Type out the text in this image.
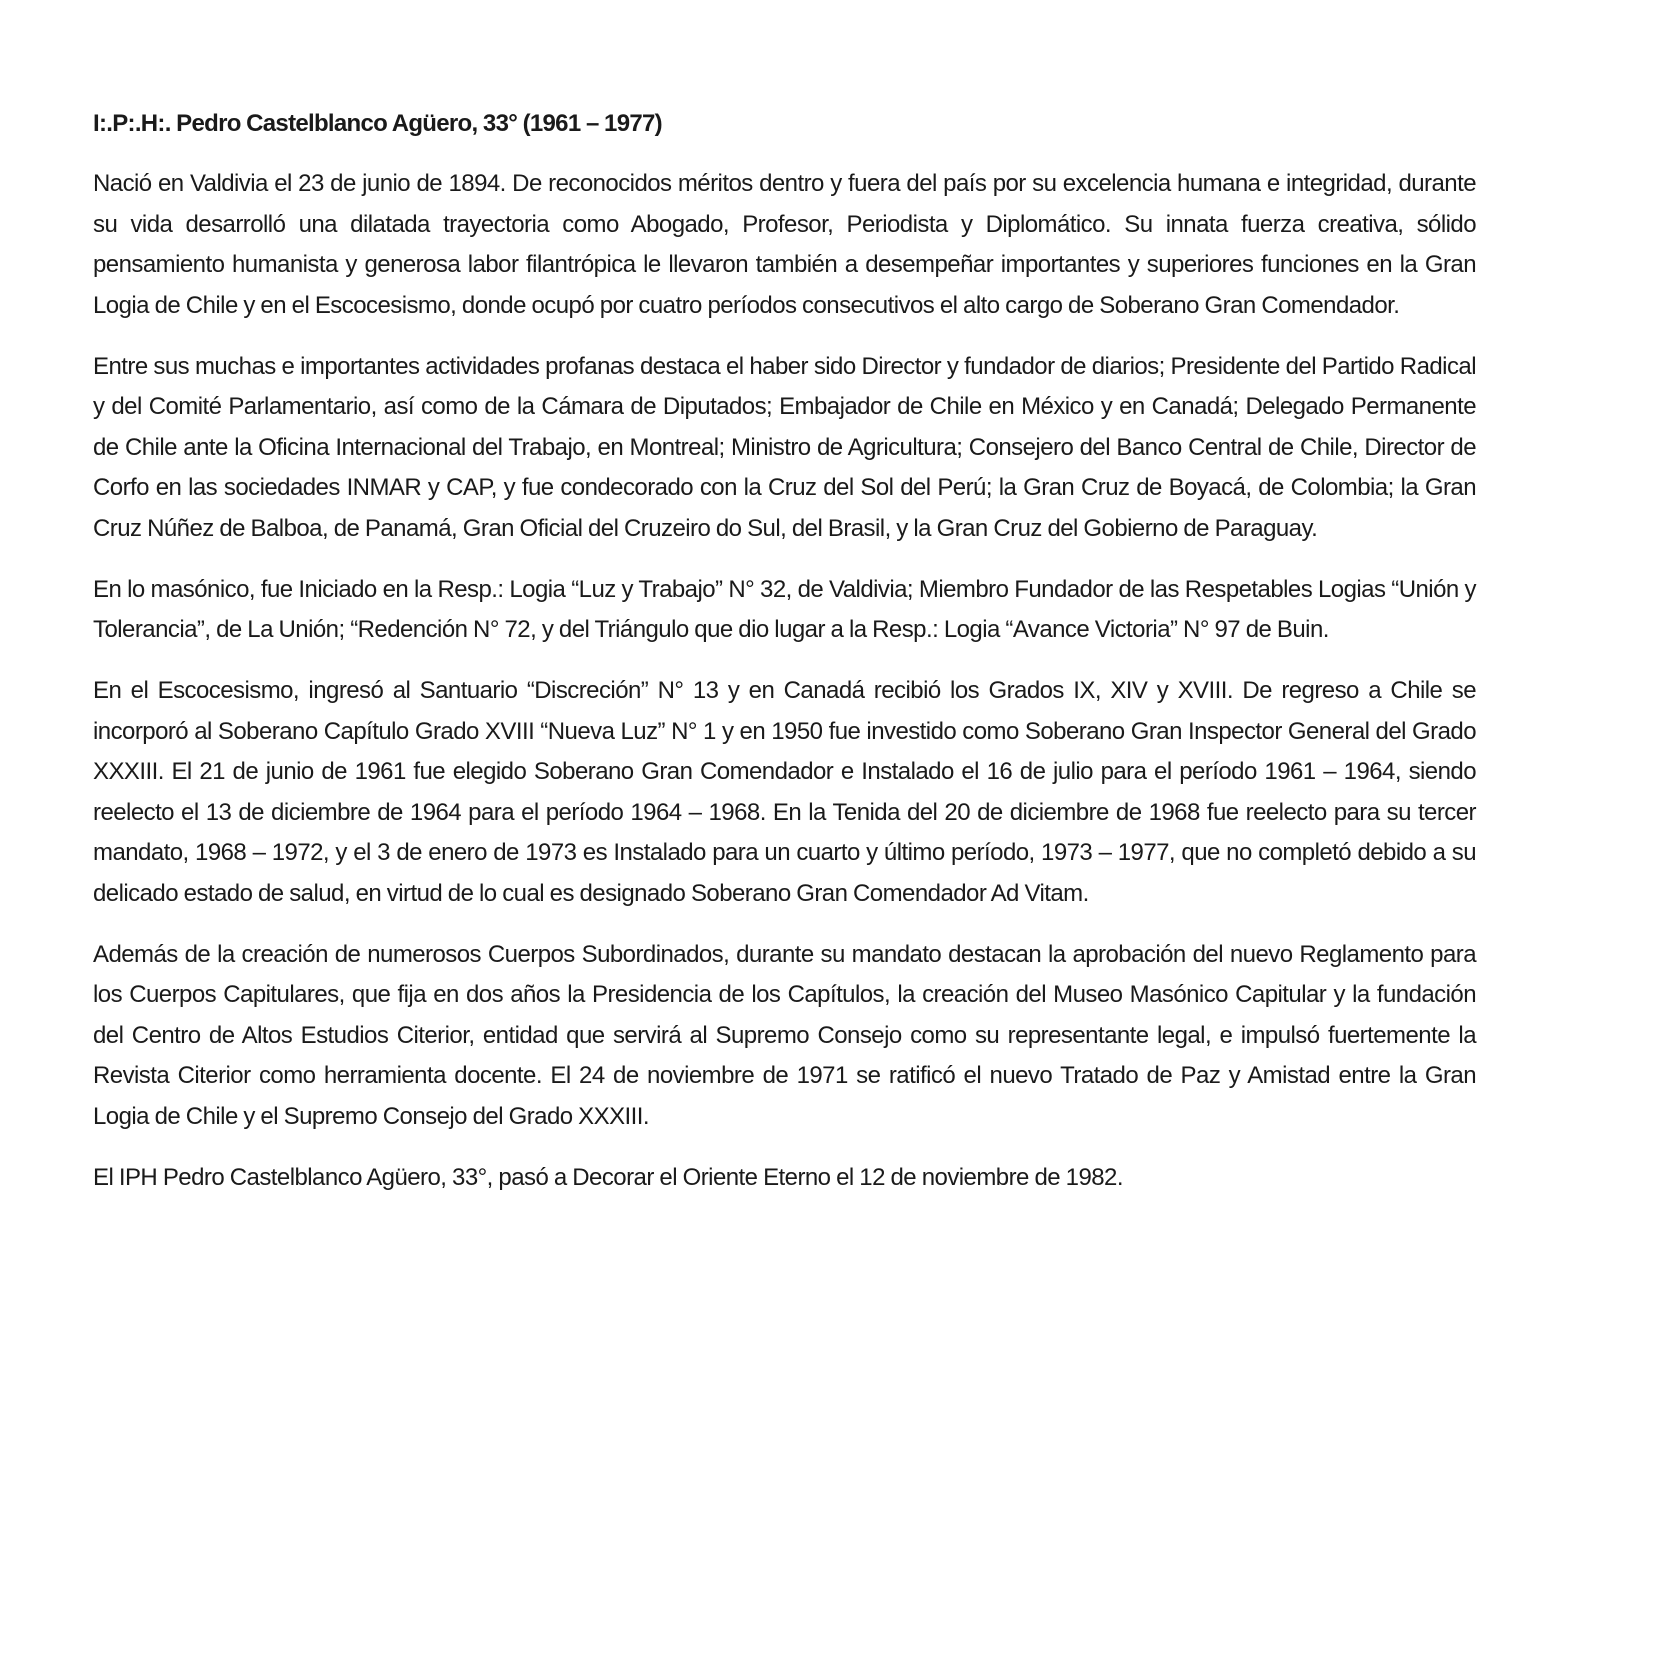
I:.P:.H:. Pedro Castelblanco Agüero, 33° (1961 – 1977)

Nació en Valdivia el 23 de junio de 1894. De reconocidos méritos dentro y fuera del país por su excelencia humana e integridad, durante su vida desarrolló una dilatada trayectoria como Abogado, Profesor, Periodista y Diplomático. Su innata fuerza creativa, sólido pensamiento humanista y generosa labor filantrópica le llevaron también a desempeñar importantes y superiores funciones en la Gran Logia de Chile y en el Escocesismo, donde ocupó por cuatro períodos consecutivos el alto cargo de Soberano Gran Comendador.

Entre sus muchas e importantes actividades profanas destaca el haber sido Director y fundador de diarios; Presidente del Partido Radical y del Comité Parlamentario, así como de la Cámara de Diputados; Embajador de Chile en México y en Canadá; Delegado Permanente de Chile ante la Oficina Internacional del Trabajo, en Montreal; Ministro de Agricultura; Consejero del Banco Central de Chile, Director de Corfo en las sociedades INMAR y CAP, y fue condecorado con la Cruz del Sol del Perú; la Gran Cruz de Boyacá, de Colombia; la Gran Cruz Núñez de Balboa, de Panamá, Gran Oficial del Cruzeiro do Sul, del Brasil, y la Gran Cruz del Gobierno de Paraguay.

En lo masónico, fue Iniciado en la Resp.: Logia “Luz y Trabajo” N° 32, de Valdivia; Miembro Fundador de las Respetables Logias “Unión y Tolerancia”, de La Unión; “Redención N° 72, y del Triángulo que dio lugar a la Resp.: Logia “Avance Victoria” N° 97 de Buin.

En el Escocesismo, ingresó al Santuario “Discreción” N° 13 y en Canadá recibió los Grados IX, XIV y XVIII. De regreso a Chile se incorporó al Soberano Capítulo Grado XVIII “Nueva Luz” N° 1 y en 1950 fue investido como Soberano Gran Inspector General del Grado XXXIII. El 21 de junio de 1961 fue elegido Soberano Gran Comendador e Instalado el 16 de julio para el período 1961 – 1964, siendo reelecto el 13 de diciembre de 1964 para el período 1964 – 1968. En la Tenida del 20 de diciembre de 1968 fue reelecto para su tercer mandato, 1968 – 1972, y el 3 de enero de 1973 es Instalado para un cuarto y último período, 1973 – 1977, que no completó debido a su delicado estado de salud, en virtud de lo cual es designado Soberano Gran Comendador Ad Vitam.

Además de la creación de numerosos Cuerpos Subordinados, durante su mandato destacan la aprobación del nuevo Reglamento para los Cuerpos Capitulares, que fija en dos años la Presidencia de los Capítulos, la creación del Museo Masónico Capitular y la fundación del Centro de Altos Estudios Citerior, entidad que servirá al Supremo Consejo como su representante legal, e impulsó fuertemente la Revista Citerior como herramienta docente. El 24 de noviembre de 1971 se ratificó el nuevo Tratado de Paz y Amistad entre la Gran Logia de Chile y el Supremo Consejo del Grado XXXIII.

El IPH Pedro Castelblanco Agüero, 33°, pasó a Decorar el Oriente Eterno el 12 de noviembre de 1982.
